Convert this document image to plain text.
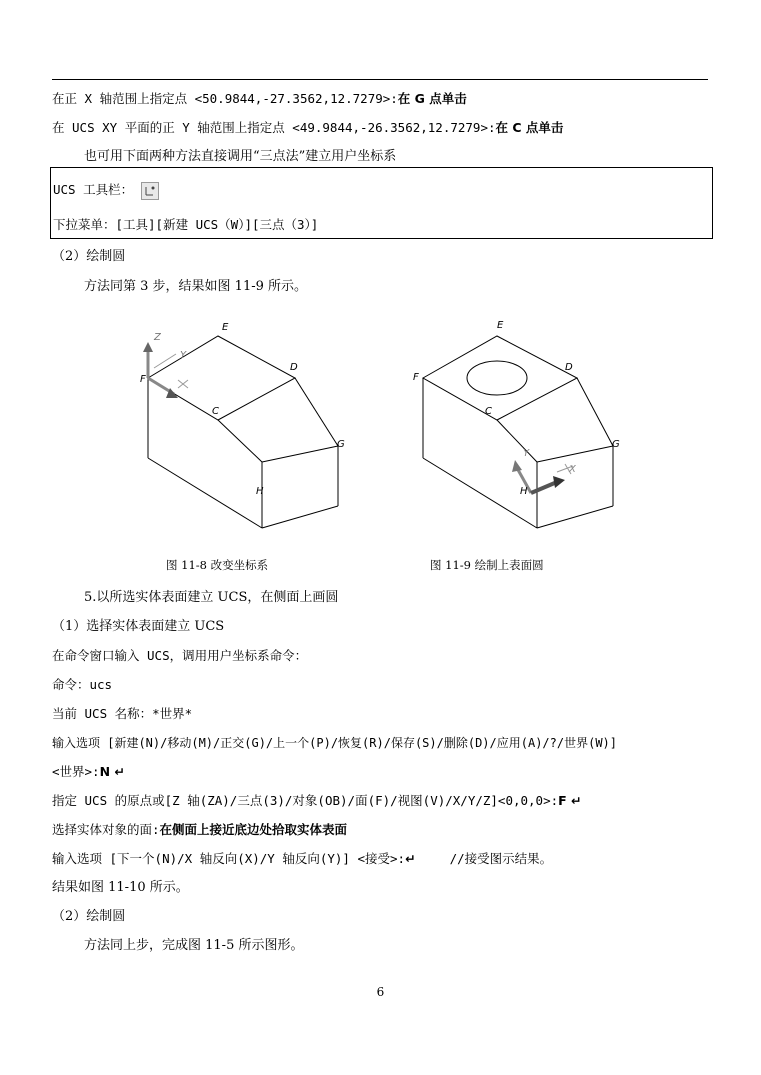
在正 X 轴范围上指定点 <50.9844,-27.3562,12.7279>:在 G 点单击
在 UCS XY 平面的正 Y 轴范围上指定点 <49.9844,-26.3562,12.7279>:在 C 点单击
也可用下面两种方法直接调用“三点法”建立用户坐标系
UCS 工具栏：
下拉菜单：[工具][新建 UCS（W）][三点（3）]
（2）绘制圆
方法同第 3 步，结果如图 11-9 所示。
Z
Y
E
D
F
C
G
H
Y
X
E
D
F
C
G
H
图 11-8 改变坐标系	图 11-9 绘制上表面圆
5.以所选实体表面建立 UCS，在侧面上画圆
（1）选择实体表面建立 UCS
在命令窗口输入 UCS，调用用户坐标系命令：
命令：ucs
当前 UCS 名称：*世界*
输入选项 [新建(N)/移动(M)/正交(G)/上一个(P)/恢复(R)/保存(S)/删除(D)/应用(A)/?/世界(W)]
<世界>:N ↵
指定 UCS 的原点或[Z 轴(ZA)/三点(3)/对象(OB)/面(F)/视图(V)/X/Y/Z]<0,0,0>:F ↵
选择实体对象的面:在侧面上接近底边处拾取实体表面
输入选项 [下一个(N)/X 轴反向(X)/Y 轴反向(Y)] <接受>:↵	//接受图示结果。
结果如图 11-10 所示。
（2）绘制圆
方法同上步，完成图 11-5 所示图形。
6
